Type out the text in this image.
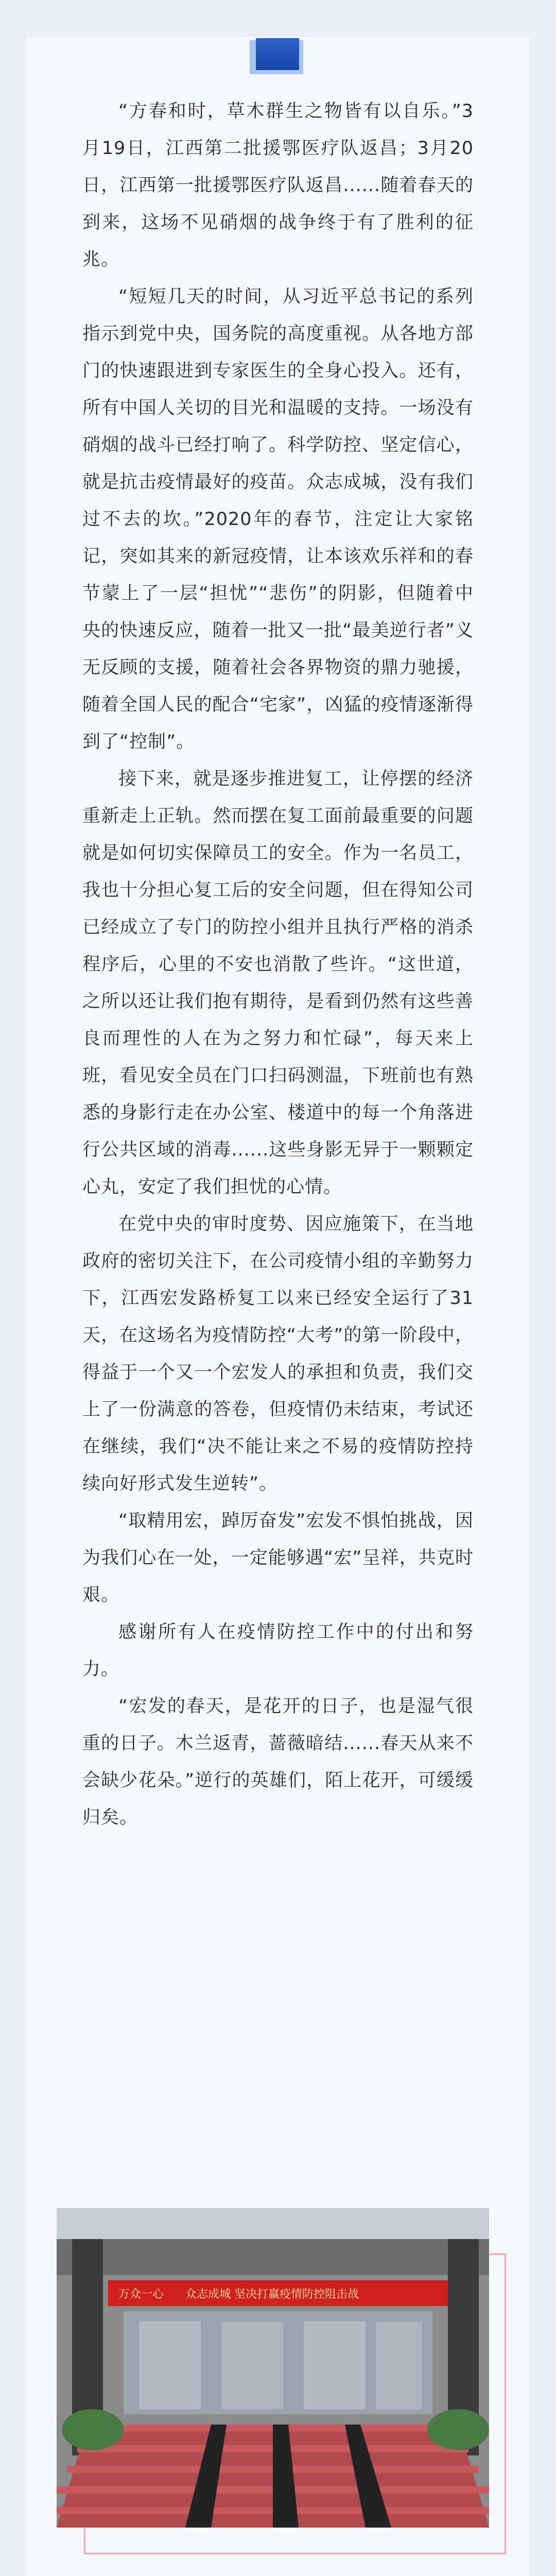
“方春和时，草木群生之物皆有以自乐。”3月19日，江西第二批援鄂医疗队返昌；3月20日，江西第一批援鄂医疗队返昌......随着春天的到来，这场不见硝烟的战争终于有了胜利的征兆。

“短短几天的时间，从习近平总书记的系列指示到党中央，国务院的高度重视。从各地方部门的快速跟进到专家医生的全身心投入。还有，所有中国人关切的目光和温暖的支持。一场没有硝烟的战斗已经打响了。科学防控、坚定信心，就是抗击疫情最好的疫苗。众志成城，没有我们过不去的坎。”2020年的春节，注定让大家铭记，突如其来的新冠疫情，让本该欢乐祥和的春节蒙上了一层“担忧”“悲伤”的阴影，但随着中央的快速反应，随着一批又一批“最美逆行者”义无反顾的支援，随着社会各界物资的鼎力驰援，随着全国人民的配合“宅家”，凶猛的疫情逐渐得到了“控制”。

接下来，就是逐步推进复工，让停摆的经济重新走上正轨。然而摆在复工面前最重要的问题就是如何切实保障员工的安全。作为一名员工，我也十分担心复工后的安全问题，但在得知公司已经成立了专门的防控小组并且执行严格的消杀程序后，心里的不安也消散了些许。“这世道，之所以还让我们抱有期待，是看到仍然有这些善良而理性的人在为之努力和忙碌”，每天来上班，看见安全员在门口扫码测温，下班前也有熟悉的身影行走在办公室、楼道中的每一个角落进行公共区域的消毒......这些身影无异于一颗颗定心丸，安定了我们担忧的心情。

在党中央的审时度势、因应施策下，在当地政府的密切关注下，在公司疫情小组的辛勤努力下，江西宏发路桥复工以来已经安全运行了31天，在这场名为疫情防控“大考”的第一阶段中，得益于一个又一个宏发人的承担和负责，我们交上了一份满意的答卷，但疫情仍未结束，考试还在继续，我们“决不能让来之不易的疫情防控持续向好形式发生逆转”。

“取精用宏，踔厉奋发”宏发不惧怕挑战，因为我们心在一处，一定能够遇“宏”呈祥，共克时艰。

感谢所有人在疫情防控工作中的付出和努力。

“宏发的春天，是花开的日子，也是湿气很重的日子。木兰返青，蔷薇暗结......春天从来不会缺少花朵。”逆行的英雄们，陌上花开，可缓缓归矣。

万众一心 众志成城 坚决打赢疫情防控阻击战
